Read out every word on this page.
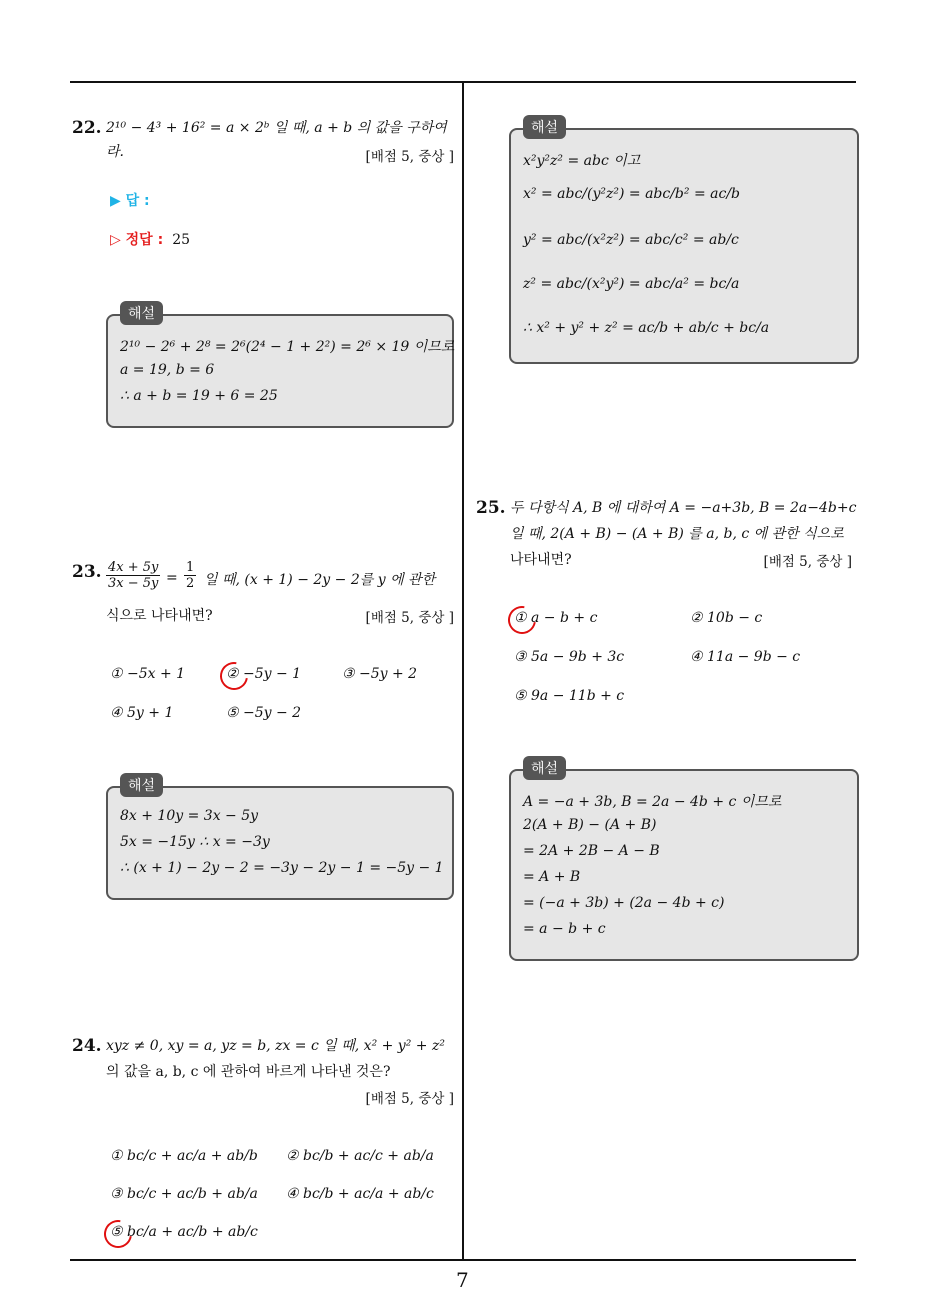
7
22. 2¹⁰ − 4³ + 16² = a × 2ᵇ 일 때, a + b 의 값을 구하여라.	[배점 5, 중상 ]
▶ 답 :
▷ 정답 : 25
해설
2¹⁰ − 2⁶ + 2⁸ = 2⁶(2⁴ − 1 + 2²) = 2⁶ × 19 이므로
a = 19, b = 6
∴ a + b = 19 + 6 = 25
23. $\frac{4x + 5y}{3x - 5y} = \frac{1}{2}$ 일 때, (x + 1) − 2y − 2를 y 에 관한
식으로 나타내면?	[배점 5, 중상 ]
① −5x + 1	② −5y − 1	③ −5y + 2
④ 5y + 1	⑤ −5y − 2
해설
8x + 10y = 3x − 5y
5x = −15y ∴ x = −3y
∴ (x + 1) − 2y − 2 = −3y − 2y − 1 = −5y − 1
24. xyz ≠ 0, xy = a, yz = b, zx = c 일 때, x² + y² + z²
의 값을 a, b, c 에 관하여 바르게 나타낸 것은?
[배점 5, 중상 ]
① bc/c + ac/a + ab/b ② bc/b + ac/c + ab/a
③ bc/c + ac/b + ab/a ④ bc/b + ac/a + ab/c
⑤ bc/a + ac/b + ab/c
해설
x²y²z² = abc 이고
x² = abc/(y²z²) = abc/b² = ac/b
y² = abc/(x²z²) = abc/c² = ab/c
z² = abc/(x²y²) = abc/a² = bc/a
∴ x² + y² + z² = ac/b + ab/c + bc/a
25. 두 다항식 A, B 에 대하여 A = −a+3b, B = 2a−4b+c
일 때, 2(A + B) − (A + B) 를 a, b, c 에 관한 식으로
나타내면?	[배점 5, 중상 ]
① a − b + c	② 10b − c
③ 5a − 9b + 3c	④ 11a − 9b − c
⑤ 9a − 11b + c
해설
A = −a + 3b, B = 2a − 4b + c 이므로
2(A + B) − (A + B)
= 2A + 2B − A − B
= A + B
= (−a + 3b) + (2a − 4b + c)
= a − b + c
